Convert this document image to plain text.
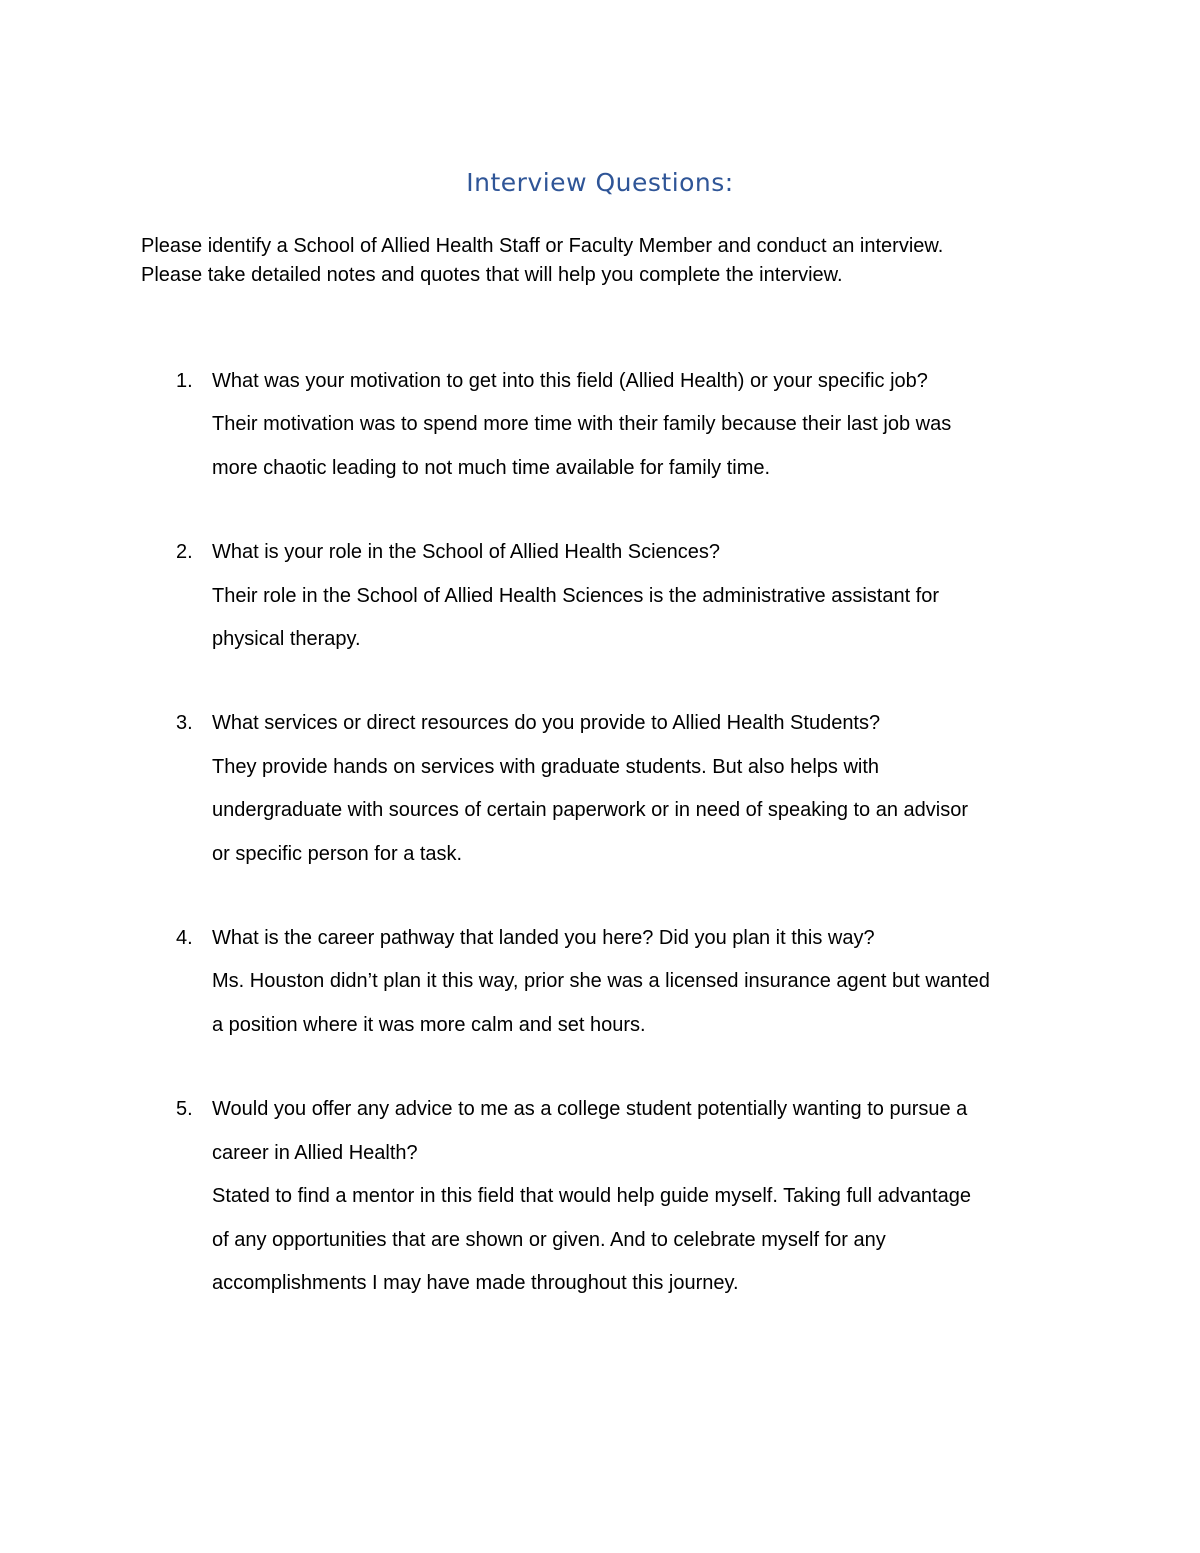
Interview Questions:

Please identify a School of Allied Health Staff or Faculty Member and conduct an interview.

Please take detailed notes and quotes that will help you complete the interview.

1. What was your motivation to get into this field (Allied Health) or your specific job?
Their motivation was to spend more time with their family because their last job was
more chaotic leading to not much time available for family time.
2. What is your role in the School of Allied Health Sciences?
Their role in the School of Allied Health Sciences is the administrative assistant for
physical therapy.
3. What services or direct resources do you provide to Allied Health Students?
They provide hands on services with graduate students. But also helps with
undergraduate with sources of certain paperwork or in need of speaking to an advisor
or specific person for a task.
4. What is the career pathway that landed you here? Did you plan it this way?
Ms. Houston didn’t plan it this way, prior she was a licensed insurance agent but wanted
a position where it was more calm and set hours.
5. Would you offer any advice to me as a college student potentially wanting to pursue a
career in Allied Health?
Stated to find a mentor in this field that would help guide myself. Taking full advantage
of any opportunities that are shown or given. And to celebrate myself for any
accomplishments I may have made throughout this journey.
